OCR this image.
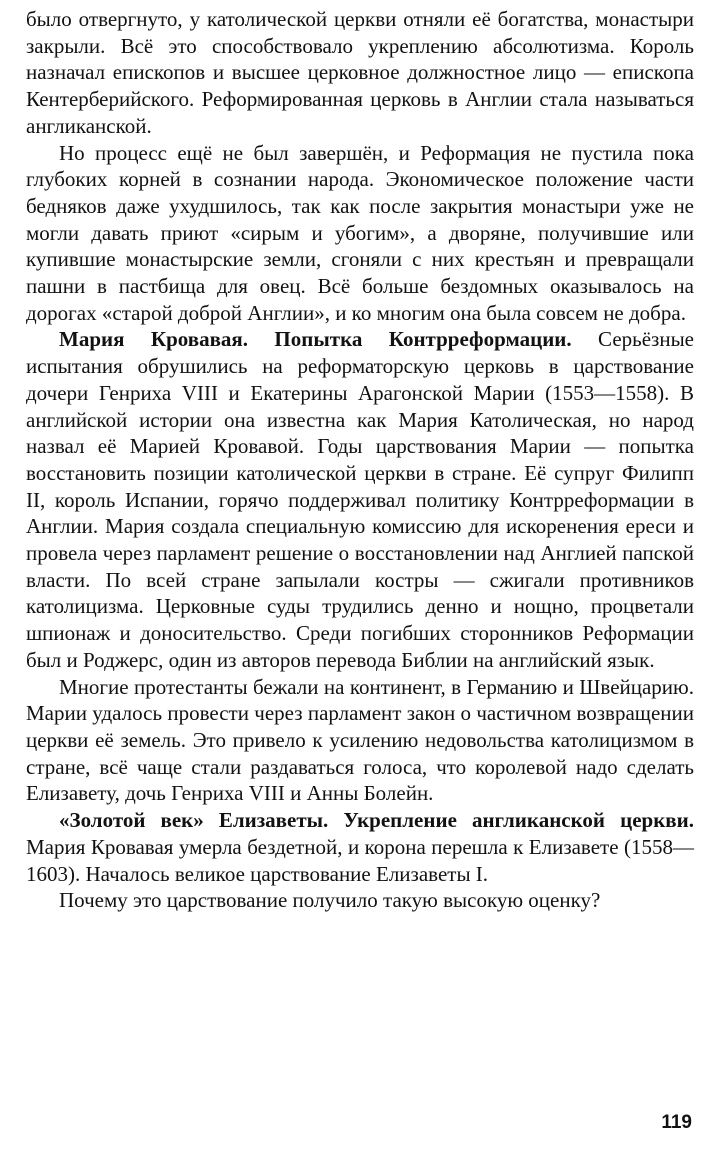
было отвергнуто, у католической церкви отняли её богатства, монастыри закрыли. Всё это способствовало укреплению абсолютизма. Король назначал епископов и высшее церковное должностное лицо — епископа Кентерберийского. Реформированная церковь в Англии стала называться англиканской.

Но процесс ещё не был завершён, и Реформация не пустила пока глубоких корней в сознании народа. Экономическое положение части бедняков даже ухудшилось, так как после закрытия монастыри уже не могли давать приют «сирым и убогим», а дворяне, получившие или купившие монастырские земли, сгоняли с них крестьян и превращали пашни в пастбища для овец. Всё больше бездомных оказывалось на дорогах «старой доброй Англии», и ко многим она была совсем не добра.

Мария Кровавая. Попытка Контрреформации. Серьёзные испытания обрушились на реформаторскую церковь в царствование дочери Генриха VIII и Екатерины Арагонской Марии (1553—1558). В английской истории она известна как Мария Католическая, но народ назвал её Марией Кровавой. Годы царствования Марии — попытка восстановить позиции католической церкви в стране. Её супруг Филипп II, король Испании, горячо поддерживал политику Контрреформации в Англии. Мария создала специальную комиссию для искоренения ереси и провела через парламент решение о восстановлении над Англией папской власти. По всей стране запылали костры — сжигали противников католицизма. Церковные суды трудились денно и нощно, процветали шпионаж и доносительство. Среди погибших сторонников Реформации был и Роджерс, один из авторов перевода Библии на английский язык.

Многие протестанты бежали на континент, в Германию и Швейцарию. Марии удалось провести через парламент закон о частичном возвращении церкви её земель. Это привело к усилению недовольства католицизмом в стране, всё чаще стали раздаваться голоса, что королевой надо сделать Елизавету, дочь Генриха VIII и Анны Болейн.

«Золотой век» Елизаветы. Укрепление англиканской церкви. Мария Кровавая умерла бездетной, и корона перешла к Елизавете (1558—1603). Началось великое царствование Елизаветы I.

Почему это царствование получило такую высокую оценку?

119
